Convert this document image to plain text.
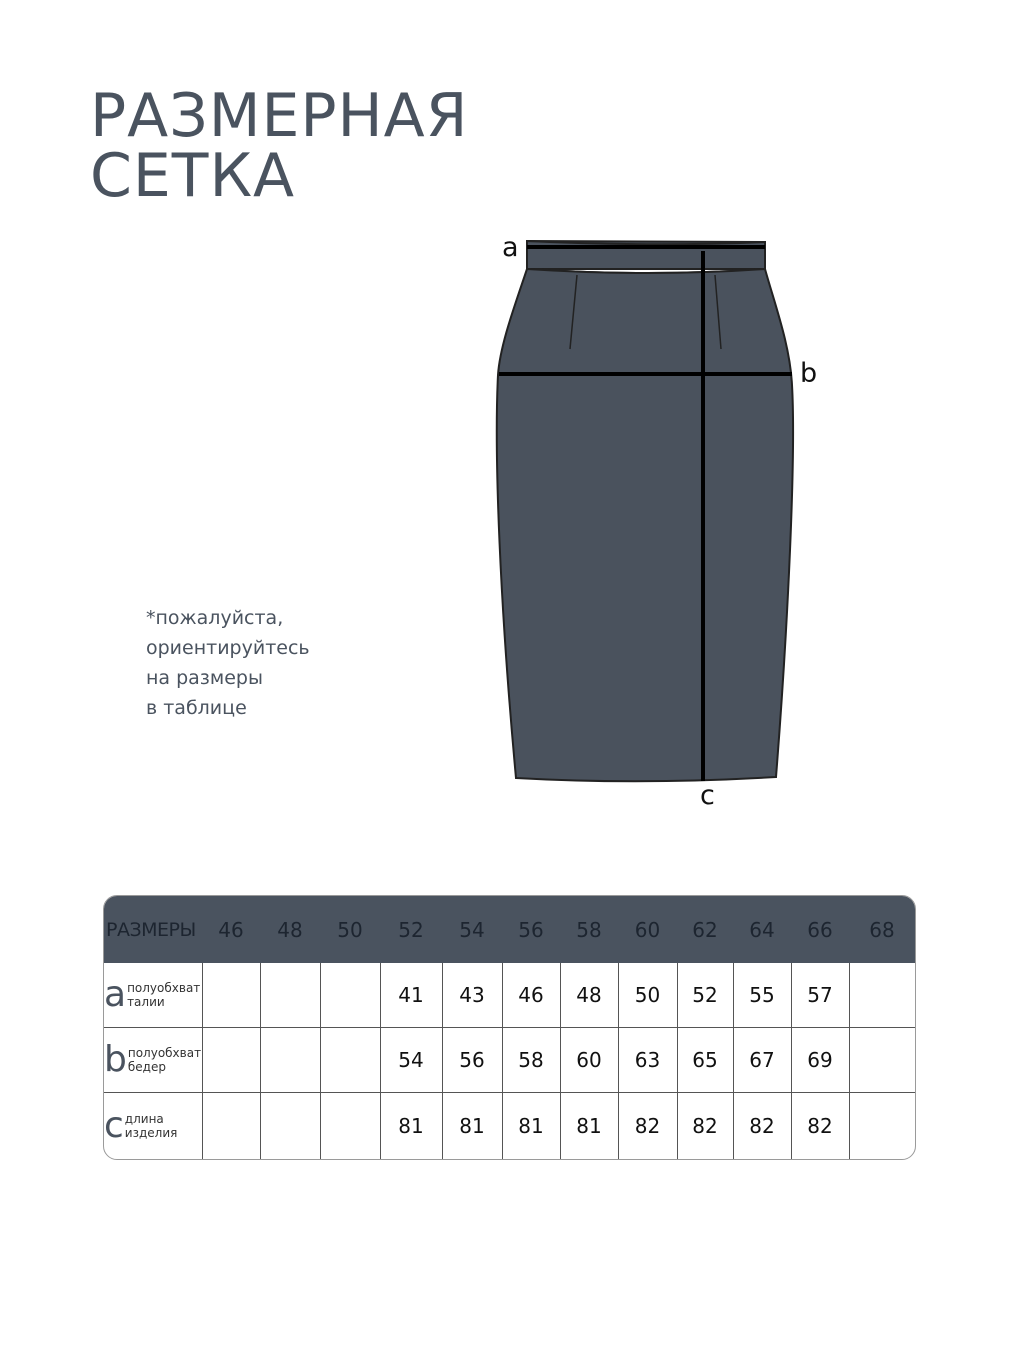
РАЗМЕРНАЯ
СЕТКА
a
b
c
*пожалуйста,
ориентируйтесь
на размеры
в таблице
РАЗМЕРЫ	46	48	50	52	54	56	58	60	62	64	66	68
a полуобхват
талии				41	43	46	48	50	52	55	57	
b полуобхват
бедер				54	56	58	60	63	65	67	69	
c длина
изделия				81	81	81	81	82	82	82	82	
